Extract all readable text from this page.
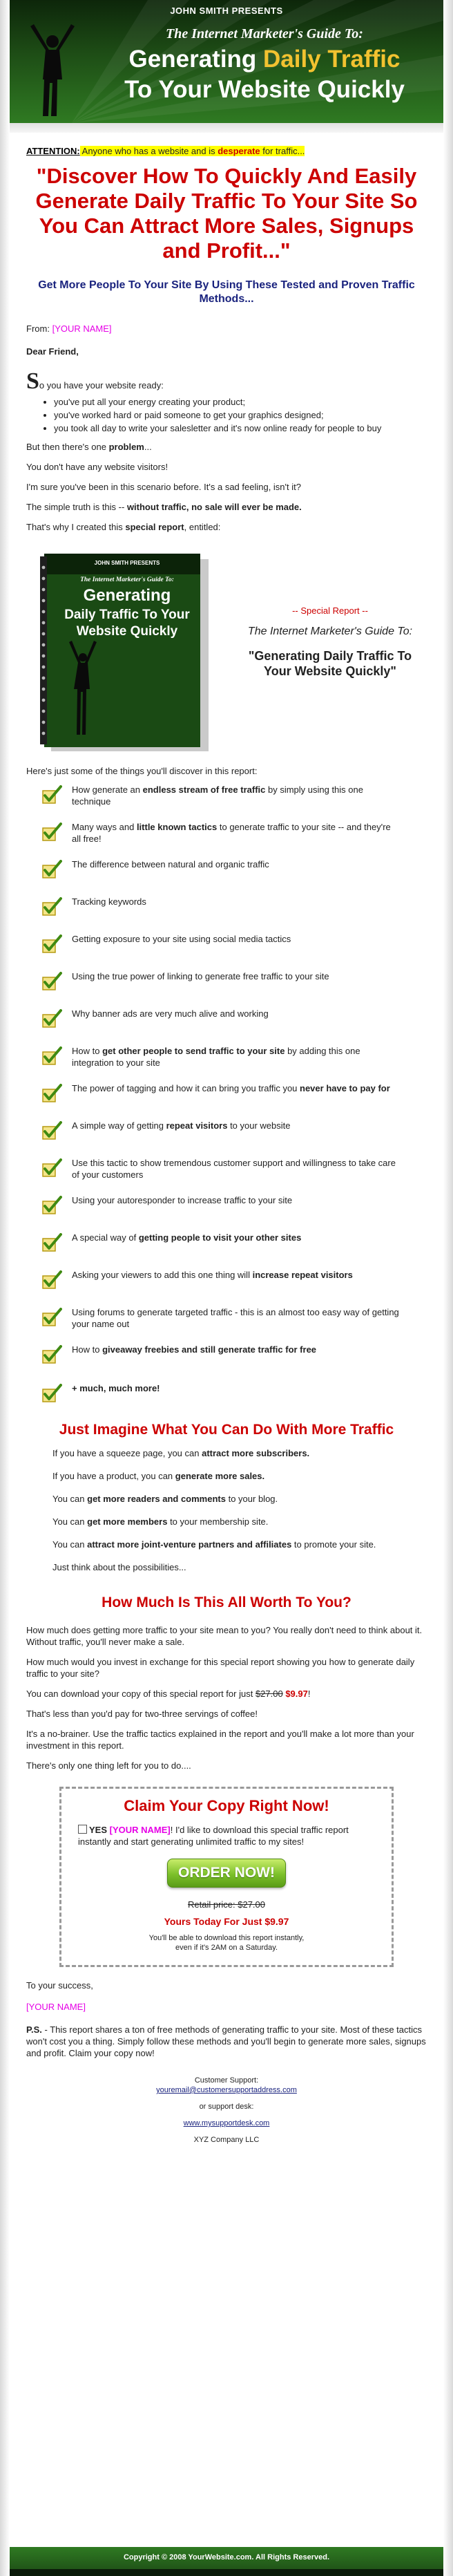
JOHN SMITH PRESENTS
The Internet Marketer's Guide To:
Generating Daily Traffic
To Your Website Quickly

ATTENTION: Anyone who has a website and is desperate for traffic...

"Discover How To Quickly And Easily Generate Daily Traffic To Your Site So You Can Attract More Sales, Signups and Profit..."
Get More People To Your Site By Using These Tested and Proven Traffic Methods...

From: [YOUR NAME]

Dear Friend,

So you have your website ready:

• you've put all your energy creating your product;
• you've worked hard or paid someone to get your graphics designed;
• you took all day to write your salesletter and it's now online ready for people to buy

But then there's one problem...

You don't have any website visitors!

I'm sure you've been in this scenario before. It's a sad feeling, isn't it?

The simple truth is this -- without traffic, no sale will ever be made.

That's why I created this special report, entitled:

JOHN SMITH PRESENTS
The Internet Marketer's Guide To:
Generating
Daily Traffic To Your
Website Quickly
-- Special Report --
The Internet Marketer's Guide To:
"Generating Daily Traffic To Your Website Quickly"

Here's just some of the things you'll discover in this report:

How generate an endless stream of free traffic by simply using this one technique
Many ways and little known tactics to generate traffic to your site -- and they're all free!
The difference between natural and organic traffic
Tracking keywords
Getting exposure to your site using social media tactics
Using the true power of linking to generate free traffic to your site
Why banner ads are very much alive and working
How to get other people to send traffic to your site by adding this one integration to your site
The power of tagging and how it can bring you traffic you never have to pay for
A simple way of getting repeat visitors to your website
Use this tactic to show tremendous customer support and willingness to take care of your customers
Using your autoresponder to increase traffic to your site
A special way of getting people to visit your other sites
Asking your viewers to add this one thing will increase repeat visitors
Using forums to generate targeted traffic - this is an almost too easy way of getting your name out
How to giveaway freebies and still generate traffic for free
+ much, much more!
Just Imagine What You Can Do With More Traffic

If you have a squeeze page, you can attract more subscribers.

If you have a product, you can generate more sales.

You can get more readers and comments to your blog.

You can get more members to your membership site.

You can attract more joint-venture partners and affiliates to promote your site.

Just think about the possibilities...

How Much Is This All Worth To You?

How much does getting more traffic to your site mean to you? You really don't need to think about it. Without traffic, you'll never make a sale.

How much would you invest in exchange for this special report showing you how to generate daily traffic to your site?

You can download your copy of this special report for just $27.00 $9.97!

That's less than you'd pay for two-three servings of coffee!

It's a no-brainer. Use the traffic tactics explained in the report and you'll make a lot more than your investment in this report.

There's only one thing left for you to do....

Claim Your Copy Right Now!

YES [YOUR NAME]! I'd like to download this special traffic report instantly and start generating unlimited traffic to my sites!

ORDER NOW!
Retail price: $27.00
Yours Today For Just $9.97
You'll be able to download this report instantly,
even if it's 2AM on a Saturday.

To your success,

[YOUR NAME]

P.S. - This report shares a ton of free methods of generating traffic to your site. Most of these tactics won't cost you a thing. Simply follow these methods and you'll begin to generate more sales, signups and profit. Claim your copy now!

Customer Support:
youremail@customersupportaddress.com
or support desk:
www.mysupportdesk.com
XYZ Company LLC
Copyright © 2008 YourWebsite.com. All Rights Reserved.
